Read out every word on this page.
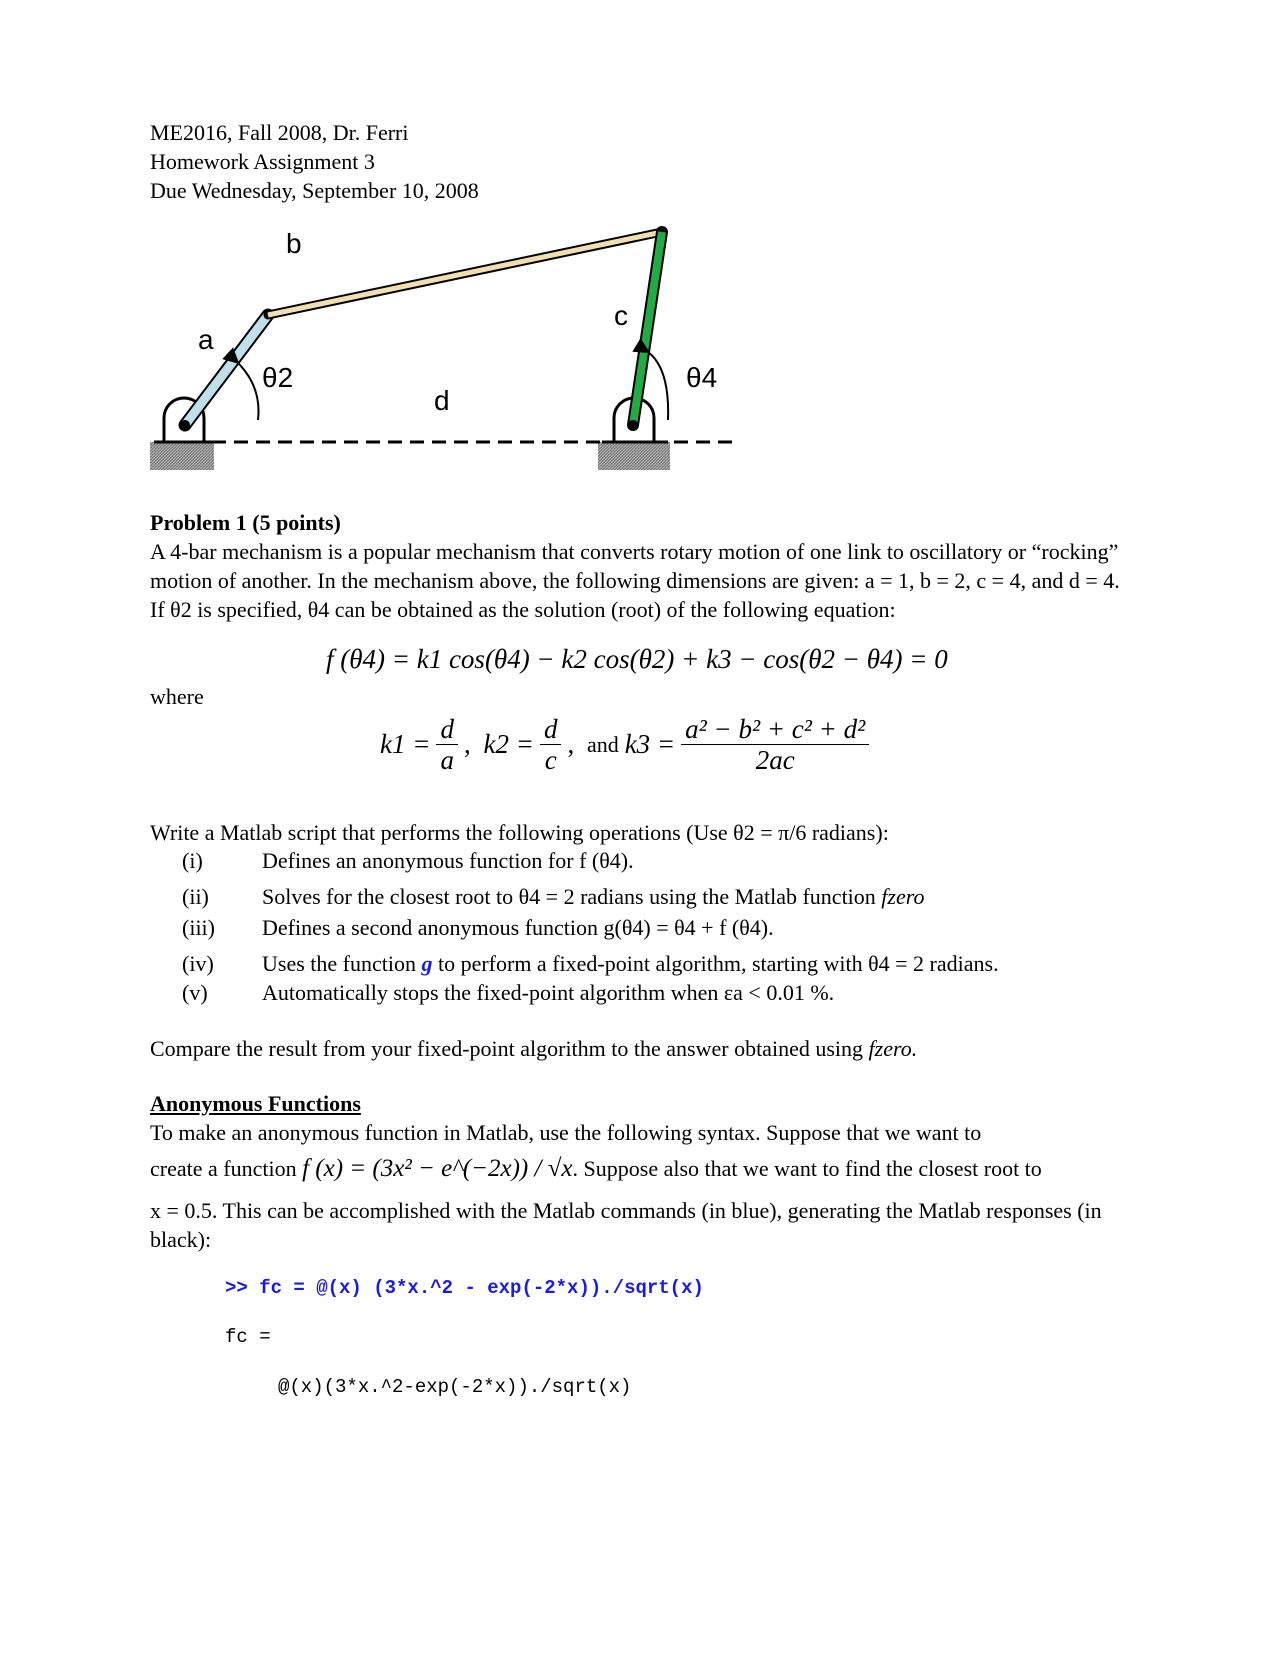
ME2016, Fall 2008, Dr. Ferri
Homework Assignment 3
Due Wednesday, September 10, 2008
b
c
a
θ2
d
θ4
Problem 1 (5 points)
A 4-bar mechanism is a popular mechanism that converts rotary motion of one link to oscillatory or “rocking” motion of another. In the mechanism above, the following dimensions are given: a = 1, b = 2, c = 4, and d = 4. If θ2 is specified, θ4 can be obtained as the solution (root) of the following equation:
f (θ4) = k1 cos(θ4) − k2 cos(θ2) + k3 − cos(θ2 − θ4) = 0
where
$k1 = \frac{d}{a}$ , $k2 = \frac{d}{c}$ , and $k3 = \frac{\text{a² − b² + c² + d²}}{2ac}$
Write a Matlab script that performs the following operations (Use θ2 = π/6 radians):
(i)	Defines an anonymous function for f (θ4).
(ii) Solves for the closest root to θ4 = 2 radians using the Matlab function fzero
(iii) Defines a second anonymous function g(θ4) = θ4 + f (θ4).
(iv) Uses the function g to perform a fixed-point algorithm, starting with θ4 = 2 radians.
(v) Automatically stops the fixed-point algorithm when εa < 0.01 %.
Compare the result from your fixed-point algorithm to the answer obtained using fzero.
Anonymous Functions
To make an anonymous function in Matlab, use the following syntax. Suppose that we want to
create a function f (x) = (3x² − e^(−2x)) / √x. Suppose also that we want to find the closest root to
x = 0.5. This can be accomplished with the Matlab commands (in blue), generating the Matlab responses (in black):
>> fc = @(x) (3*x.^2 - exp(-2*x))./sqrt(x)
fc =
@(x)(3*x.^2-exp(-2*x))./sqrt(x)
